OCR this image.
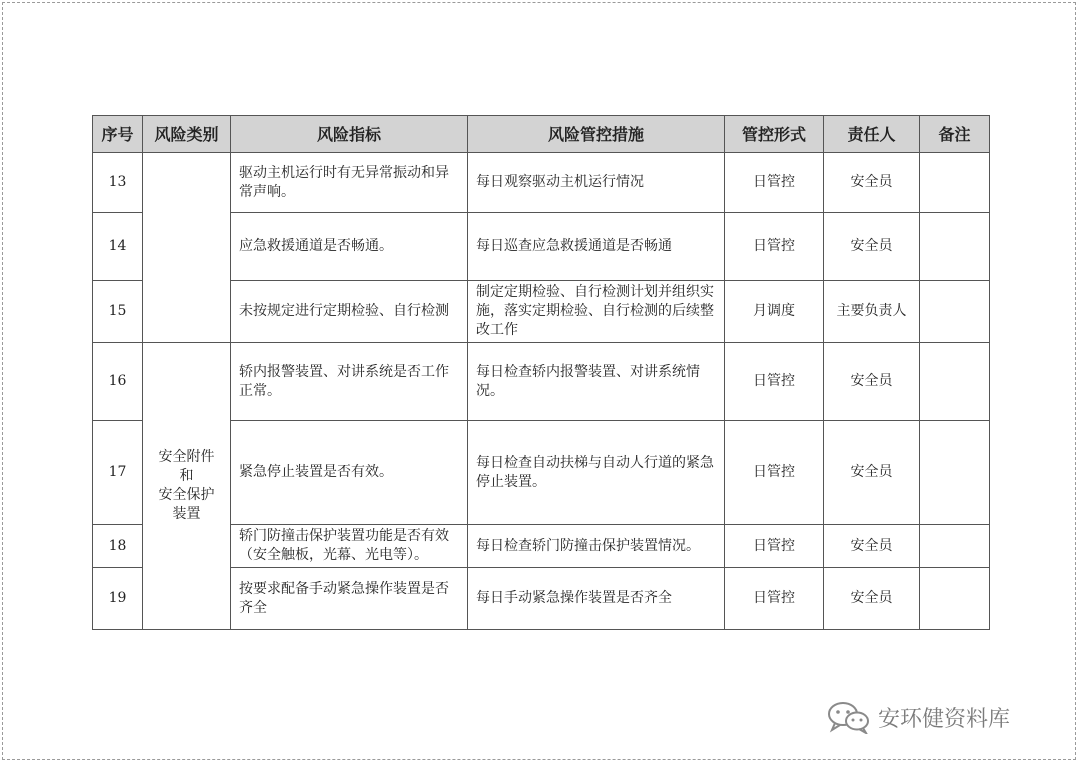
序号	风险类别	风险指标	风险管控措施	管控形式	责任人	备注
13		驱动主机运行时有无异常振动和异常声响。	每日观察驱动主机运行情况	日管控	安全员	
14		应急救援通道是否畅通。	每日巡查应急救援通道是否畅通	日管控	安全员	
15		未按规定进行定期检验、自行检测	制定定期检验、自行检测计划并组织实施，落实定期检验、自行检测的后续整改工作	月调度	主要负责人	
16	安全附件
和
安全保护
装置	轿内报警装置、对讲系统是否工作正常。	每日检查轿内报警装置、对讲系统情况。	日管控	安全员	
17		紧急停止装置是否有效。	每日检查自动扶梯与自动人行道的紧急停止装置。	日管控	安全员	
18		轿门防撞击保护装置功能是否有效（安全触板，光幕、光电等）。	每日检查轿门防撞击保护装置情况。	日管控	安全员	
19		按要求配备手动紧急操作装置是否齐全	每日手动紧急操作装置是否齐全	日管控	安全员	
安环健资料库
